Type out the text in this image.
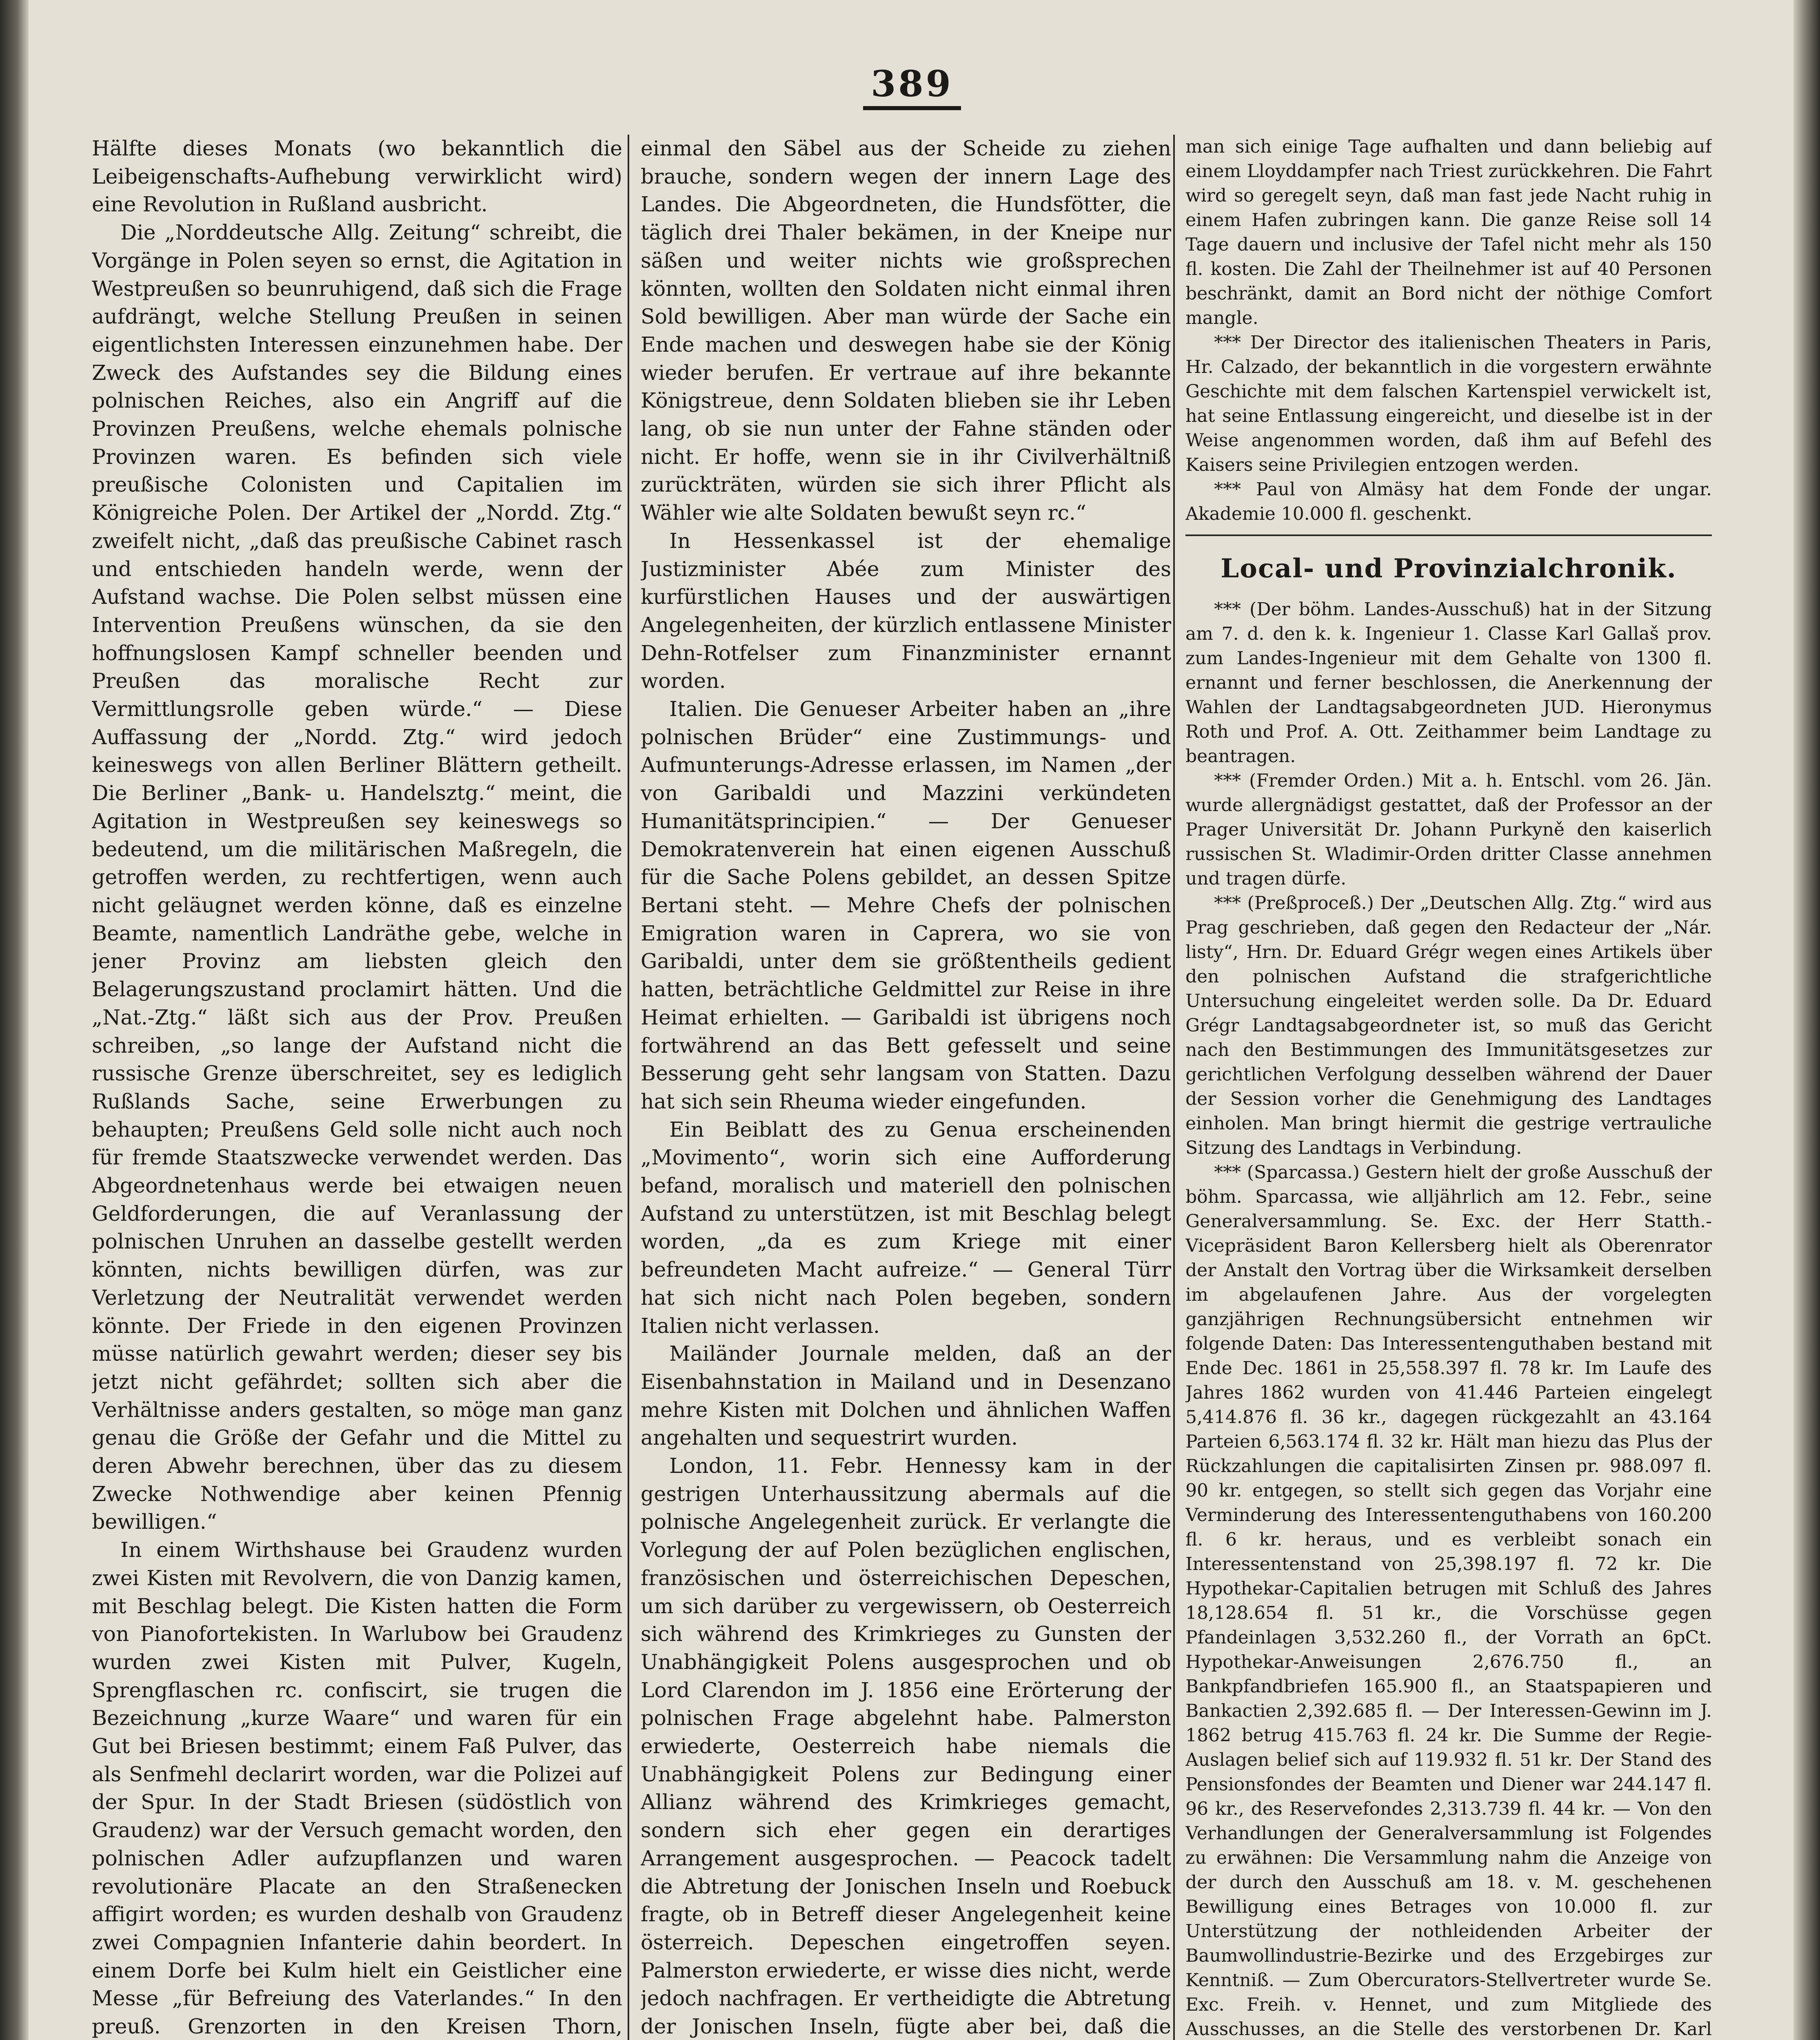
389

Hälfte dieses Monats (wo bekanntlich die Leibeigenschafts-Aufhebung verwirklicht wird) eine Revolution in Rußland ausbricht.

Die „Norddeutsche Allg. Zeitung“ schreibt, die Vorgänge in Polen seyen so ernst, die Agitation in Westpreußen so beunruhigend, daß sich die Frage aufdrängt, welche Stellung Preußen in seinen eigentlichsten Interessen einzunehmen habe. Der Zweck des Aufstandes sey die Bildung eines polnischen Reiches, also ein Angriff auf die Provinzen Preußens, welche ehemals polnische Provinzen waren. Es befinden sich viele preußische Colonisten und Capitalien im Königreiche Polen. Der Artikel der „Nordd. Ztg.“ zweifelt nicht, „daß das preußische Cabinet rasch und entschieden handeln werde, wenn der Aufstand wachse. Die Polen selbst müssen eine Intervention Preußens wünschen, da sie den hoffnungslosen Kampf schneller beenden und Preußen das moralische Recht zur Vermittlungsrolle geben würde.“ — Diese Auffassung der „Nordd. Ztg.“ wird jedoch keineswegs von allen Berliner Blättern getheilt. Die Berliner „Bank- u. Handelsztg.“ meint, die Agitation in Westpreußen sey keineswegs so bedeutend, um die militärischen Maßregeln, die getroffen werden, zu rechtfertigen, wenn auch nicht geläugnet werden könne, daß es einzelne Beamte, namentlich Landräthe gebe, welche in jener Provinz am liebsten gleich den Belagerungszustand proclamirt hätten. Und die „Nat.-Ztg.“ läßt sich aus der Prov. Preußen schreiben, „so lange der Aufstand nicht die russische Grenze überschreitet, sey es lediglich Rußlands Sache, seine Erwerbungen zu behaupten; Preußens Geld solle nicht auch noch für fremde Staatszwecke verwendet werden. Das Abgeordnetenhaus werde bei etwaigen neuen Geldforderungen, die auf Veranlassung der polnischen Unruhen an dasselbe gestellt werden könnten, nichts bewilligen dürfen, was zur Verletzung der Neutralität verwendet werden könnte. Der Friede in den eigenen Provinzen müsse natürlich gewahrt werden; dieser sey bis jetzt nicht gefährdet; sollten sich aber die Verhältnisse anders gestalten, so möge man ganz genau die Größe der Gefahr und die Mittel zu deren Abwehr berechnen, über das zu diesem Zwecke Nothwendige aber keinen Pfennig bewilligen.“

In einem Wirthshause bei Graudenz wurden zwei Kisten mit Revolvern, die von Danzig kamen, mit Beschlag belegt. Die Kisten hatten die Form von Pianofortekisten. In Warlubow bei Graudenz wurden zwei Kisten mit Pulver, Kugeln, Sprengflaschen rc. confiscirt, sie trugen die Bezeichnung „kurze Waare“ und waren für ein Gut bei Briesen bestimmt; einem Faß Pulver, das als Senfmehl declarirt worden, war die Polizei auf der Spur. In der Stadt Briesen (südöstlich von Graudenz) war der Versuch gemacht worden, den polnischen Adler aufzupflanzen und waren revolutionäre Placate an den Straßenecken affigirt worden; es wurden deshalb von Graudenz zwei Compagnien Infanterie dahin beordert. In einem Dorfe bei Kulm hielt ein Geistlicher eine Messe „für Befreiung des Vaterlandes.“ In den preuß. Grenzorten in den Kreisen Thorn,

einmal den Säbel aus der Scheide zu ziehen brauche, sondern wegen der innern Lage des Landes. Die Abgeordneten, die Hundsfötter, die täglich drei Thaler bekämen, in der Kneipe nur säßen und weiter nichts wie großsprechen könnten, wollten den Soldaten nicht einmal ihren Sold bewilligen. Aber man würde der Sache ein Ende machen und deswegen habe sie der König wieder berufen. Er vertraue auf ihre bekannte Königstreue, denn Soldaten blieben sie ihr Leben lang, ob sie nun unter der Fahne ständen oder nicht. Er hoffe, wenn sie in ihr Civilverhältniß zurückträten, würden sie sich ihrer Pflicht als Wähler wie alte Soldaten bewußt seyn rc.“

In Hessenkassel ist der ehemalige Justizminister Abée zum Minister des kurfürstlichen Hauses und der auswärtigen Angelegenheiten, der kürzlich entlassene Minister Dehn-Rotfelser zum Finanzminister ernannt worden.

Italien. Die Genueser Arbeiter haben an „ihre polnischen Brüder“ eine Zustimmungs- und Aufmunterungs-Adresse erlassen, im Namen „der von Garibaldi und Mazzini verkündeten Humanitätsprincipien.“ — Der Genueser Demokratenverein hat einen eigenen Ausschuß für die Sache Polens gebildet, an dessen Spitze Bertani steht. — Mehre Chefs der polnischen Emigration waren in Caprera, wo sie von Garibaldi, unter dem sie größtentheils gedient hatten, beträchtliche Geldmittel zur Reise in ihre Heimat erhielten. — Garibaldi ist übrigens noch fortwährend an das Bett gefesselt und seine Besserung geht sehr langsam von Statten. Dazu hat sich sein Rheuma wieder eingefunden.

Ein Beiblatt des zu Genua erscheinenden „Movimento“, worin sich eine Aufforderung befand, moralisch und materiell den polnischen Aufstand zu unterstützen, ist mit Beschlag belegt worden, „da es zum Kriege mit einer befreundeten Macht aufreize.“ — General Türr hat sich nicht nach Polen begeben, sondern Italien nicht verlassen.

Mailänder Journale melden, daß an der Eisenbahnstation in Mailand und in Desenzano mehre Kisten mit Dolchen und ähnlichen Waffen angehalten und sequestrirt wurden.

London, 11. Febr. Hennessy kam in der gestrigen Unterhaussitzung abermals auf die polnische Angelegenheit zurück. Er verlangte die Vorlegung der auf Polen bezüglichen englischen, französischen und österreichischen Depeschen, um sich darüber zu vergewissern, ob Oesterreich sich während des Krimkrieges zu Gunsten der Unabhängigkeit Polens ausgesprochen und ob Lord Clarendon im J. 1856 eine Erörterung der polnischen Frage abgelehnt habe. Palmerston erwiederte, Oesterreich habe niemals die Unabhängigkeit Polens zur Bedingung einer Allianz während des Krimkrieges gemacht, sondern sich eher gegen ein derartiges Arrangement ausgesprochen. — Peacock tadelt die Abtretung der Jonischen Inseln und Roebuck fragte, ob in Betreff dieser Angelegenheit keine österreich. Depeschen eingetroffen seyen. Palmerston erwiederte, er wisse dies nicht, werde jedoch nachfragen. Er vertheidigte die Abtretung der Jonischen Inseln, fügte aber bei, daß die

man sich einige Tage aufhalten und dann beliebig auf einem Lloyddampfer nach Triest zurückkehren. Die Fahrt wird so geregelt seyn, daß man fast jede Nacht ruhig in einem Hafen zubringen kann. Die ganze Reise soll 14 Tage dauern und inclusive der Tafel nicht mehr als 150 fl. kosten. Die Zahl der Theilnehmer ist auf 40 Personen beschränkt, damit an Bord nicht der nöthige Comfort mangle.

*** Der Director des italienischen Theaters in Paris, Hr. Calzado, der bekanntlich in die vorgestern erwähnte Geschichte mit dem falschen Kartenspiel verwickelt ist, hat seine Entlassung eingereicht, und dieselbe ist in der Weise angenommen worden, daß ihm auf Befehl des Kaisers seine Privilegien entzogen werden.

*** Paul von Almäsy hat dem Fonde der ungar. Akademie 10.000 fl. geschenkt.

Local- und Provinzialchronik.

*** (Der böhm. Landes-Ausschuß) hat in der Sitzung am 7. d. den k. k. Ingenieur 1. Classe Karl Gallaš prov. zum Landes-Ingenieur mit dem Gehalte von 1300 fl. ernannt und ferner beschlossen, die Anerkennung der Wahlen der Landtagsabgeordneten JUD. Hieronymus Roth und Prof. A. Ott. Zeithammer beim Landtage zu beantragen.

*** (Fremder Orden.) Mit a. h. Entschl. vom 26. Jän. wurde allergnädigst gestattet, daß der Professor an der Prager Universität Dr. Johann Purkyně den kaiserlich russischen St. Wladimir-Orden dritter Classe annehmen und tragen dürfe.

*** (Preßproceß.) Der „Deutschen Allg. Ztg.“ wird aus Prag geschrieben, daß gegen den Redacteur der „Nár. listy“, Hrn. Dr. Eduard Grégr wegen eines Artikels über den polnischen Aufstand die strafgerichtliche Untersuchung eingeleitet werden solle. Da Dr. Eduard Grégr Landtagsabgeordneter ist, so muß das Gericht nach den Bestimmungen des Immunitätsgesetzes zur gerichtlichen Verfolgung desselben während der Dauer der Session vorher die Genehmigung des Landtages einholen. Man bringt hiermit die gestrige vertrauliche Sitzung des Landtags in Verbindung.

*** (Sparcassa.) Gestern hielt der große Ausschuß der böhm. Sparcassa, wie alljährlich am 12. Febr., seine Generalversammlung. Se. Exc. der Herr Statth.-Vicepräsident Baron Kellersberg hielt als Oberenrator der Anstalt den Vortrag über die Wirksamkeit derselben im abgelaufenen Jahre. Aus der vorgelegten ganzjährigen Rechnungsübersicht entnehmen wir folgende Daten: Das Interessentenguthaben bestand mit Ende Dec. 1861 in 25,558.397 fl. 78 kr. Im Laufe des Jahres 1862 wurden von 41.446 Parteien eingelegt 5,414.876 fl. 36 kr., dagegen rückgezahlt an 43.164 Parteien 6,563.174 fl. 32 kr. Hält man hiezu das Plus der Rückzahlungen die capitalisirten Zinsen pr. 988.097 fl. 90 kr. entgegen, so stellt sich gegen das Vorjahr eine Verminderung des Interessentenguthabens von 160.200 fl. 6 kr. heraus, und es verbleibt sonach ein Interessentenstand von 25,398.197 fl. 72 kr. Die Hypothekar-Capitalien betrugen mit Schluß des Jahres 18,128.654 fl. 51 kr., die Vorschüsse gegen Pfandeinlagen 3,532.260 fl., der Vorrath an 6pCt. Hypothekar-Anweisungen 2,676.750 fl., an Bankpfandbriefen 165.900 fl., an Staatspapieren und Bankactien 2,392.685 fl. — Der Interessen-Gewinn im J. 1862 betrug 415.763 fl. 24 kr. Die Summe der Regie-Auslagen belief sich auf 119.932 fl. 51 kr. Der Stand des Pensionsfondes der Beamten und Diener war 244.147 fl. 96 kr., des Reservefondes 2,313.739 fl. 44 kr. — Von den Verhandlungen der Generalversammlung ist Folgendes zu erwähnen: Die Versammlung nahm die Anzeige von der durch den Ausschuß am 18. v. M. geschehenen Bewilligung eines Betrages von 10.000 fl. zur Unterstützung der nothleidenden Arbeiter der Baumwollindustrie-Bezirke und des Erzgebirges zur Kenntniß. — Zum Obercurators-Stellvertreter wurde Se. Exc. Freih. v. Hennet, und zum Mitgliede des Ausschusses, an die Stelle des verstorbenen Dr. Karl
